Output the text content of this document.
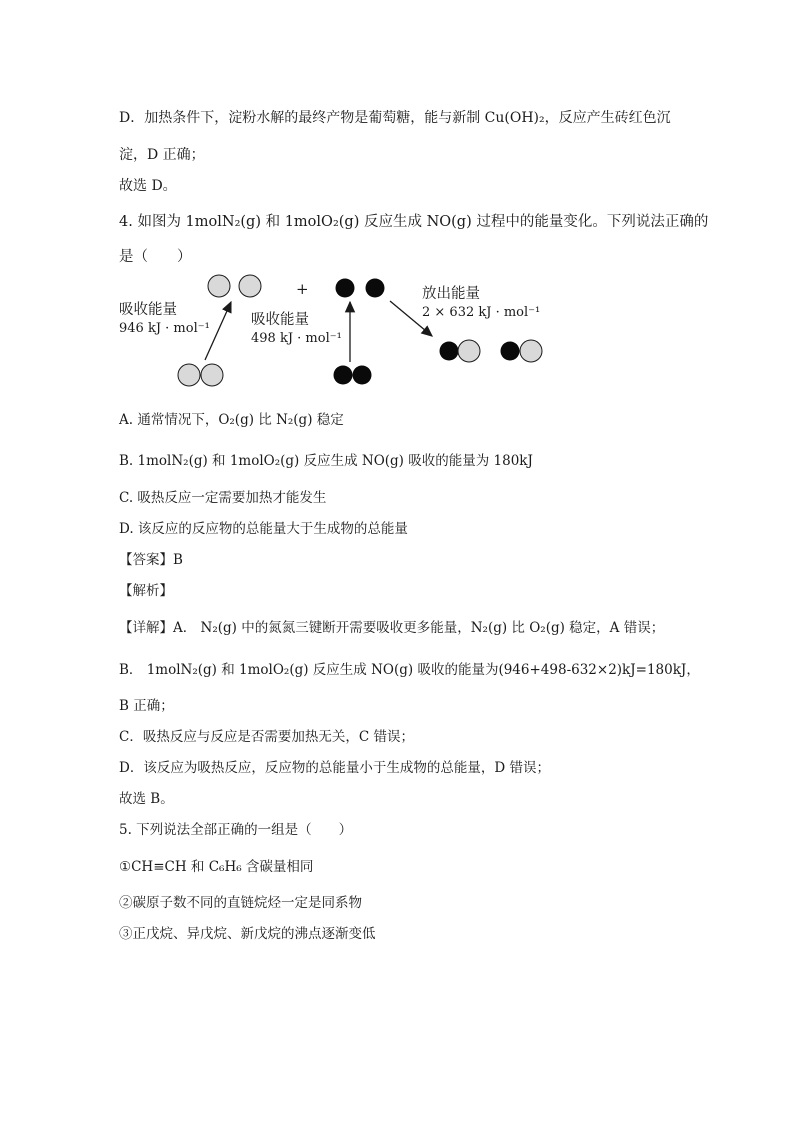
D．加热条件下，淀粉水解的最终产物是葡萄糖，能与新制 Cu(OH)₂，反应产生砖红色沉
淀，D 正确；
故选 D。
4. 如图为 1molN₂(g) 和 1molO₂(g) 反应生成 NO(g) 过程中的能量变化。下列说法正确的
是（　　）
+
吸收能量
946 kJ · mol⁻¹
吸收能量
498 kJ · mol⁻¹
放出能量
2 × 632 kJ · mol⁻¹
A. 通常情况下，O₂(g) 比 N₂(g) 稳定
B. 1molN₂(g) 和 1molO₂(g) 反应生成 NO(g) 吸收的能量为 180kJ
C. 吸热反应一定需要加热才能发生
D. 该反应的反应物的总能量大于生成物的总能量
【答案】B
【解析】
【详解】A． N₂(g) 中的氮氮三键断开需要吸收更多能量，N₂(g) 比 O₂(g) 稳定，A 错误；
B． 1molN₂(g) 和 1molO₂(g) 反应生成 NO(g) 吸收的能量为(946+498-632×2)kJ=180kJ，
B 正确；
C．吸热反应与反应是否需要加热无关，C 错误；
D．该反应为吸热反应，反应物的总能量小于生成物的总能量，D 错误；
故选 B。
5. 下列说法全部正确的一组是（　　）
①CH≡CH 和 C₆H₆ 含碳量相同
②碳原子数不同的直链烷烃一定是同系物
③正戊烷、异戊烷、新戊烷的沸点逐渐变低
